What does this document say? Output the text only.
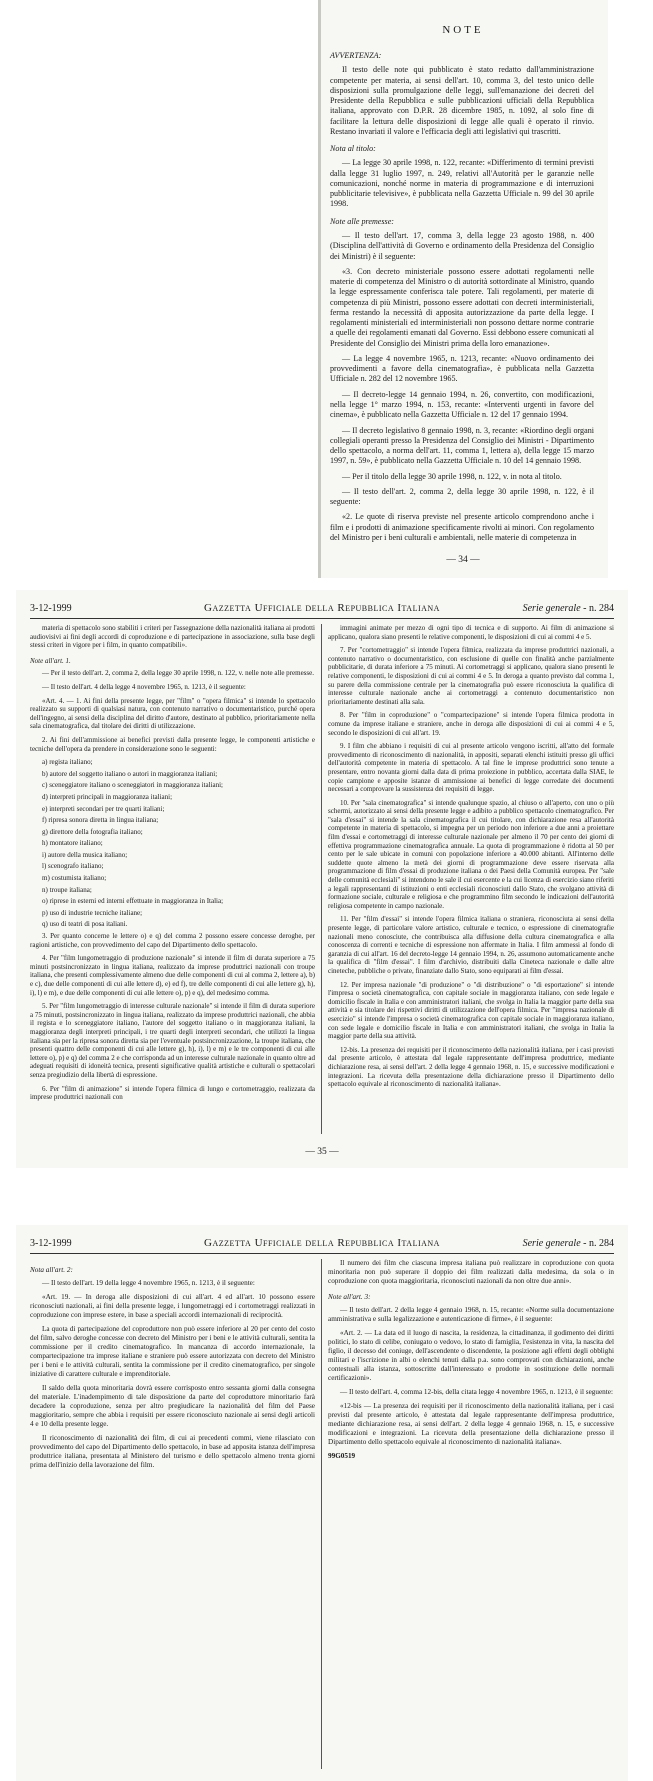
NOTE

AVVERTENZA:

Il testo delle note qui pubblicato è stato redatto dall'amministrazione competente per materia, ai sensi dell'art. 10, comma 3, del testo unico delle disposizioni sulla promulgazione delle leggi, sull'emanazione dei decreti del Presidente della Repubblica e sulle pubblicazioni ufficiali della Repubblica italiana, approvato con D.P.R. 28 dicembre 1985, n. 1092, al solo fine di facilitare la lettura delle disposizioni di legge alle quali è operato il rinvio. Restano invariati il valore e l'efficacia degli atti legislativi qui trascritti.

Nota al titolo:

— La legge 30 aprile 1998, n. 122, recante: «Differimento di termini previsti dalla legge 31 luglio 1997, n. 249, relativi all'Autorità per le garanzie nelle comunicazioni, nonché norme in materia di programmazione e di interruzioni pubblicitarie televisive», è pubblicata nella Gazzetta Ufficiale n. 99 del 30 aprile 1998.

Note alle premesse:

— Il testo dell'art. 17, comma 3, della legge 23 agosto 1988, n. 400 (Disciplina dell'attività di Governo e ordinamento della Presidenza del Consiglio dei Ministri) è il seguente:

«3. Con decreto ministeriale possono essere adottati regolamenti nelle materie di competenza del Ministro o di autorità sottordinate al Ministro, quando la legge espressamente conferisca tale potere. Tali regolamenti, per materie di competenza di più Ministri, possono essere adottati con decreti interministeriali, ferma restando la necessità di apposita autorizzazione da parte della legge. I regolamenti ministeriali ed interministeriali non possono dettare norme contrarie a quelle dei regolamenti emanati dal Governo. Essi debbono essere comunicati al Presidente del Consiglio dei Ministri prima della loro emanazione».

— La legge 4 novembre 1965, n. 1213, recante: «Nuovo ordinamento dei provvedimenti a favore della cinematografia», è pubblicata nella Gazzetta Ufficiale n. 282 del 12 novembre 1965.

— Il decreto-legge 14 gennaio 1994, n. 26, convertito, con modificazioni, nella legge 1° marzo 1994, n. 153, recante: «Interventi urgenti in favore del cinema», è pubblicato nella Gazzetta Ufficiale n. 12 del 17 gennaio 1994.

— Il decreto legislativo 8 gennaio 1998, n. 3, recante: «Riordino degli organi collegiali operanti presso la Presidenza del Consiglio dei Ministri - Dipartimento dello spettacolo, a norma dell'art. 11, comma 1, lettera a), della legge 15 marzo 1997, n. 59», è pubblicato nella Gazzetta Ufficiale n. 10 del 14 gennaio 1998.

— Per il titolo della legge 30 aprile 1998, n. 122, v. in nota al titolo.

— Il testo dell'art. 2, comma 2, della legge 30 aprile 1998, n. 122, è il seguente:

«2. Le quote di riserva previste nel presente articolo comprendono anche i film e i prodotti di animazione specificamente rivolti ai minori. Con regolamento del Ministro per i beni culturali e ambientali, nelle materie di competenza in

— 34 —
3-12-1999	Gazzetta Ufficiale della Repubblica Italiana	Serie generale - n. 284

materia di spettacolo sono stabiliti i criteri per l'assegnazione della nazionalità italiana ai prodotti audiovisivi ai fini degli accordi di coproduzione e di partecipazione in associazione, sulla base degli stessi criteri in vigore per i film, in quanto compatibili».

Note all'art. 1.

— Per il testo dell'art. 2, comma 2, della legge 30 aprile 1998, n. 122, v. nelle note alle premesse.

— Il testo dell'art. 4 della legge 4 novembre 1965, n. 1213, è il seguente:

«Art. 4. — 1. Ai fini della presente legge, per "film" o "opera filmica" si intende lo spettacolo realizzato su supporti di qualsiasi natura, con contenuto narrativo o documentaristico, purché opera dell'ingegno, ai sensi della disciplina del diritto d'autore, destinato al pubblico, prioritariamente nella sala cinematografica, dal titolare dei diritti di utilizzazione.

2. Ai fini dell'ammissione ai benefici previsti dalla presente legge, le componenti artistiche e tecniche dell'opera da prendere in considerazione sono le seguenti:

a) regista italiano;

b) autore del soggetto italiano o autori in maggioranza italiani;

c) sceneggiatore italiano o sceneggiatori in maggioranza italiani;

d) interpreti principali in maggioranza italiani;

e) interpreti secondari per tre quarti italiani;

f) ripresa sonora diretta in lingua italiana;

g) direttore della fotografia italiano;

h) montatore italiano;

i) autore della musica italiano;

l) scenografo italiano;

m) costumista italiano;

n) troupe italiana;

o) riprese in esterni ed interni effettuate in maggioranza in Italia;

p) uso di industrie tecniche italiane;

q) uso di teatri di posa italiani.

3. Per quanto concerne le lettere o) e q) del comma 2 possono essere concesse deroghe, per ragioni artistiche, con provvedimento del capo del Dipartimento dello spettacolo.

4. Per "film lungometraggio di produzione nazionale" si intende il film di durata superiore a 75 minuti postsincronizzato in lingua italiana, realizzato da imprese produttrici nazionali con troupe italiana, che presenti complessivamente almeno due delle componenti di cui al comma 2, lettere a), b) e c), due delle componenti di cui alle lettere d), e) ed f), tre delle componenti di cui alle lettere g), h), i), l) e m), e due delle componenti di cui alle lettere o), p) e q), del medesimo comma.

5. Per "film lungometraggio di interesse culturale nazionale" si intende il film di durata superiore a 75 minuti, postsincronizzato in lingua italiana, realizzato da imprese produttrici nazionali, che abbia il regista e lo sceneggiatore italiano, l'autore del soggetto italiano o in maggioranza italiani, la maggioranza degli interpreti principali, i tre quarti degli interpreti secondari, che utilizzi la lingua italiana sia per la ripresa sonora diretta sia per l'eventuale postsincronizzazione, la troupe italiana, che presenti quattro delle componenti di cui alle lettere g), h), i), l) e m) e le tre componenti di cui alle lettere o), p) e q) del comma 2 e che corrisponda ad un interesse culturale nazionale in quanto oltre ad adeguati requisiti di idoneità tecnica, presenti significative qualità artistiche e culturali o spettacolari senza pregiudizio della libertà di espressione.

6. Per "film di animazione" si intende l'opera filmica di lungo e cortometraggio, realizzata da imprese produttrici nazionali con

immagini animate per mezzo di ogni tipo di tecnica e di supporto. Ai film di animazione si applicano, qualora siano presenti le relative componenti, le disposizioni di cui ai commi 4 e 5.

7. Per "cortometraggio" si intende l'opera filmica, realizzata da imprese produttrici nazionali, a contenuto narrativo o documentaristico, con esclusione di quelle con finalità anche parzialmente pubblicitarie, di durata inferiore a 75 minuti. Ai cortometraggi si applicano, qualora siano presenti le relative componenti, le disposizioni di cui ai commi 4 e 5. In deroga a quanto previsto dal comma 1, su parere della commissione centrale per la cinematografia può essere riconosciuta la qualifica di interesse culturale nazionale anche ai cortometraggi a contenuto documentaristico non prioritariamente destinati alla sala.

8. Per "film in coproduzione" o "compartecipazione" si intende l'opera filmica prodotta in comune da imprese italiane e straniere, anche in deroga alle disposizioni di cui ai commi 4 e 5, secondo le disposizioni di cui all'art. 19.

9. I film che abbiano i requisiti di cui al presente articolo vengono iscritti, all'atto del formale provvedimento di riconoscimento di nazionalità, in appositi, separati elenchi istituiti presso gli uffici dell'autorità competente in materia di spettacolo. A tal fine le imprese produttrici sono tenute a presentare, entro novanta giorni dalla data di prima proiezione in pubblico, accertata dalla SIAE, le copie campione e apposite istanze di ammissione ai benefici di legge corredate dei documenti necessari a comprovare la sussistenza dei requisiti di legge.

10. Per "sala cinematografica" si intende qualunque spazio, al chiuso o all'aperto, con uno o più schermi, autorizzato ai sensi della presente legge e adibito a pubblico spettacolo cinematografico. Per "sala d'essai" si intende la sala cinematografica il cui titolare, con dichiarazione resa all'autorità competente in materia di spettacolo, si impegna per un periodo non inferiore a due anni a proiettare film d'essai e cortometraggi di interesse culturale nazionale per almeno il 70 per cento dei giorni di effettiva programmazione cinematografica annuale. La quota di programmazione è ridotta al 50 per cento per le sale ubicate in comuni con popolazione inferiore a 40.000 abitanti. All'interno delle suddette quote almeno la metà dei giorni di programmazione deve essere riservata alla programmazione di film d'essai di produzione italiana o dei Paesi della Comunità europea. Per "sale delle comunità ecclesiali" si intendono le sale il cui esercente e la cui licenza di esercizio siano riferiti a legali rappresentanti di istituzioni o enti ecclesiali riconosciuti dallo Stato, che svolgano attività di formazione sociale, culturale e religiosa e che programmino film secondo le indicazioni dell'autorità religiosa competente in campo nazionale.

11. Per "film d'essai" si intende l'opera filmica italiana o straniera, riconosciuta ai sensi della presente legge, di particolare valore artistico, culturale e tecnico, o espressione di cinematografie nazionali meno conosciute, che contribuisca alla diffusione della cultura cinematografica e alla conoscenza di correnti e tecniche di espressione non affermate in Italia. I film ammessi al fondo di garanzia di cui all'art. 16 del decreto-legge 14 gennaio 1994, n. 26, assumono automaticamente anche la qualifica di "film d'essai". I film d'archivio, distribuiti dalla Cineteca nazionale e dalle altre cineteche, pubbliche o private, finanziate dallo Stato, sono equiparati ai film d'essai.

12. Per impresa nazionale "di produzione" o "di distribuzione" o "di esportazione" si intende l'impresa o società cinematografica, con capitale sociale in maggioranza italiano, con sede legale e domicilio fiscale in Italia e con amministratori italiani, che svolga in Italia la maggior parte della sua attività e sia titolare dei rispettivi diritti di utilizzazione dell'opera filmica. Per "impresa nazionale di esercizio" si intende l'impresa o società cinematografica con capitale sociale in maggioranza italiano, con sede legale e domicilio fiscale in Italia e con amministratori italiani, che svolga in Italia la maggior parte della sua attività.

12-bis. La presenza dei requisiti per il riconoscimento della nazionalità italiana, per i casi previsti dal presente articolo, è attestata dal legale rappresentante dell'impresa produttrice, mediante dichiarazione resa, ai sensi dell'art. 2 della legge 4 gennaio 1968, n. 15, e successive modificazioni e integrazioni. La ricevuta della presentazione della dichiarazione presso il Dipartimento dello spettacolo equivale al riconoscimento di nazionalità italiana».

— 35 —
3-12-1999	Gazzetta Ufficiale della Repubblica Italiana	Serie generale - n. 284

Nota all'art. 2:

— Il testo dell'art. 19 della legge 4 novembre 1965, n. 1213, è il seguente:

«Art. 19. — In deroga alle disposizioni di cui all'art. 4 ed all'art. 10 possono essere riconosciuti nazionali, ai fini della presente legge, i lungometraggi ed i cortometraggi realizzati in coproduzione con imprese estere, in base a speciali accordi internazionali di reciprocità.

La quota di partecipazione del coproduttore non può essere inferiore al 20 per cento del costo del film, salvo deroghe concesse con decreto del Ministro per i beni e le attività culturali, sentita la commissione per il credito cinematografico. In mancanza di accordo internazionale, la compartecipazione tra imprese italiane e straniere può essere autorizzata con decreto del Ministro per i beni e le attività culturali, sentita la commissione per il credito cinematografico, per singole iniziative di carattere culturale e imprenditoriale.

Il saldo della quota minoritaria dovrà essere corrisposto entro sessanta giorni dalla consegna del materiale. L'inadempimento di tale disposizione da parte del coproduttore minoritario farà decadere la coproduzione, senza per altro pregiudicare la nazionalità del film del Paese maggioritario, sempre che abbia i requisiti per essere riconosciuto nazionale ai sensi degli articoli 4 e 10 della presente legge.

Il riconoscimento di nazionalità dei film, di cui ai precedenti commi, viene rilasciato con provvedimento del capo del Dipartimento dello spettacolo, in base ad apposita istanza dell'impresa produttrice italiana, presentata al Ministero del turismo e dello spettacolo almeno trenta giorni prima dell'inizio della lavorazione del film.

Il numero dei film che ciascuna impresa italiana può realizzare in coproduzione con quota minoritaria non può superare il doppio dei film realizzati dalla medesima, da sola o in coproduzione con quota maggioritaria, riconosciuti nazionali da non oltre due anni».

Note all'art. 3:

— Il testo dell'art. 2 della legge 4 gennaio 1968, n. 15, recante: «Norme sulla documentazione amministrativa e sulla legalizzazione e autenticazione di firme», è il seguente:

«Art. 2. — La data ed il luogo di nascita, la residenza, la cittadinanza, il godimento dei diritti politici, lo stato di celibe, coniugato o vedovo, lo stato di famiglia, l'esistenza in vita, la nascita del figlio, il decesso del coniuge, dell'ascendente o discendente, la posizione agli effetti degli obblighi militari e l'iscrizione in albi o elenchi tenuti dalla p.a. sono comprovati con dichiarazioni, anche contestuali alla istanza, sottoscritte dall'interessato e prodotte in sostituzione delle normali certificazioni».

— Il testo dell'art. 4, comma 12-bis, della citata legge 4 novembre 1965, n. 1213, è il seguente:

«12-bis — La presenza dei requisiti per il riconoscimento della nazionalità italiana, per i casi previsti dal presente articolo, è attestata dal legale rappresentante dell'impresa produttrice, mediante dichiarazione resa, ai sensi dell'art. 2 della legge 4 gennaio 1968, n. 15, e successive modificazioni e integrazioni. La ricevuta della presentazione della dichiarazione presso il Dipartimento dello spettacolo equivale al riconoscimento di nazionalità italiana».

99G0519
